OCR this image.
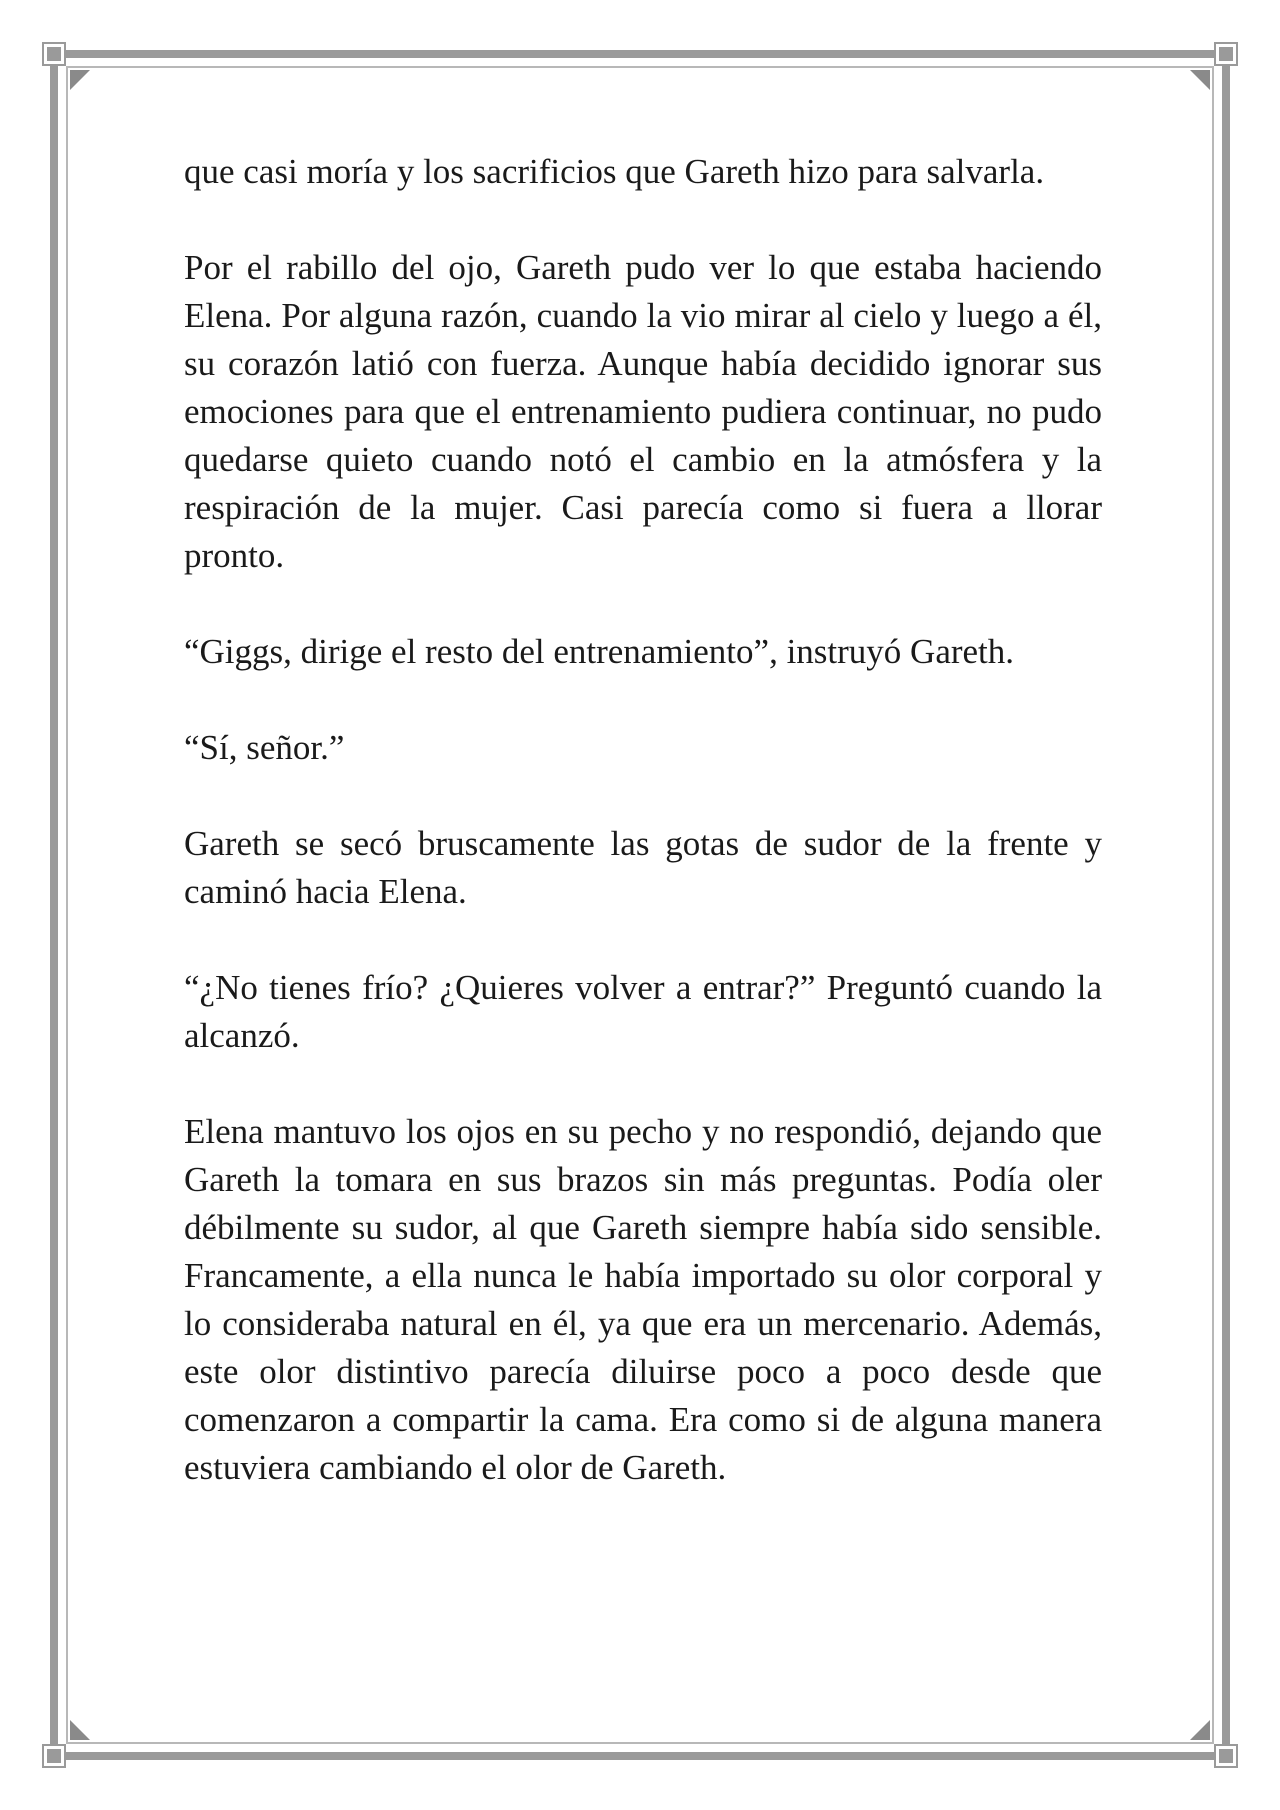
que casi moría y los sacrificios que Gareth hizo para salvarla.

Por el rabillo del ojo, Gareth pudo ver lo que estaba haciendo Elena. Por alguna razón, cuando la vio mirar al cielo y luego a él, su corazón latió con fuerza. Aunque había decidido ignorar sus emociones para que el entrenamiento pudiera continuar, no pudo quedarse quieto cuando notó el cambio en la atmósfera y la respiración de la mujer. Casi parecía como si fuera a llorar pronto.

“Giggs, dirige el resto del entrenamiento”, instruyó Gareth.

“Sí, señor.”

Gareth se secó bruscamente las gotas de sudor de la frente y caminó hacia Elena.

“¿No tienes frío? ¿Quieres volver a entrar?” Preguntó cuando la alcanzó.

Elena mantuvo los ojos en su pecho y no respondió, dejando que Gareth la tomara en sus brazos sin más preguntas. Podía oler débilmente su sudor, al que Gareth siempre había sido sensible. Francamente, a ella nunca le había importado su olor corporal y lo consideraba natural en él, ya que era un mercenario. Además, este olor distintivo parecía diluirse poco a poco desde que comenzaron a compartir la cama. Era como si de alguna manera estuviera cambiando el olor de Gareth.
